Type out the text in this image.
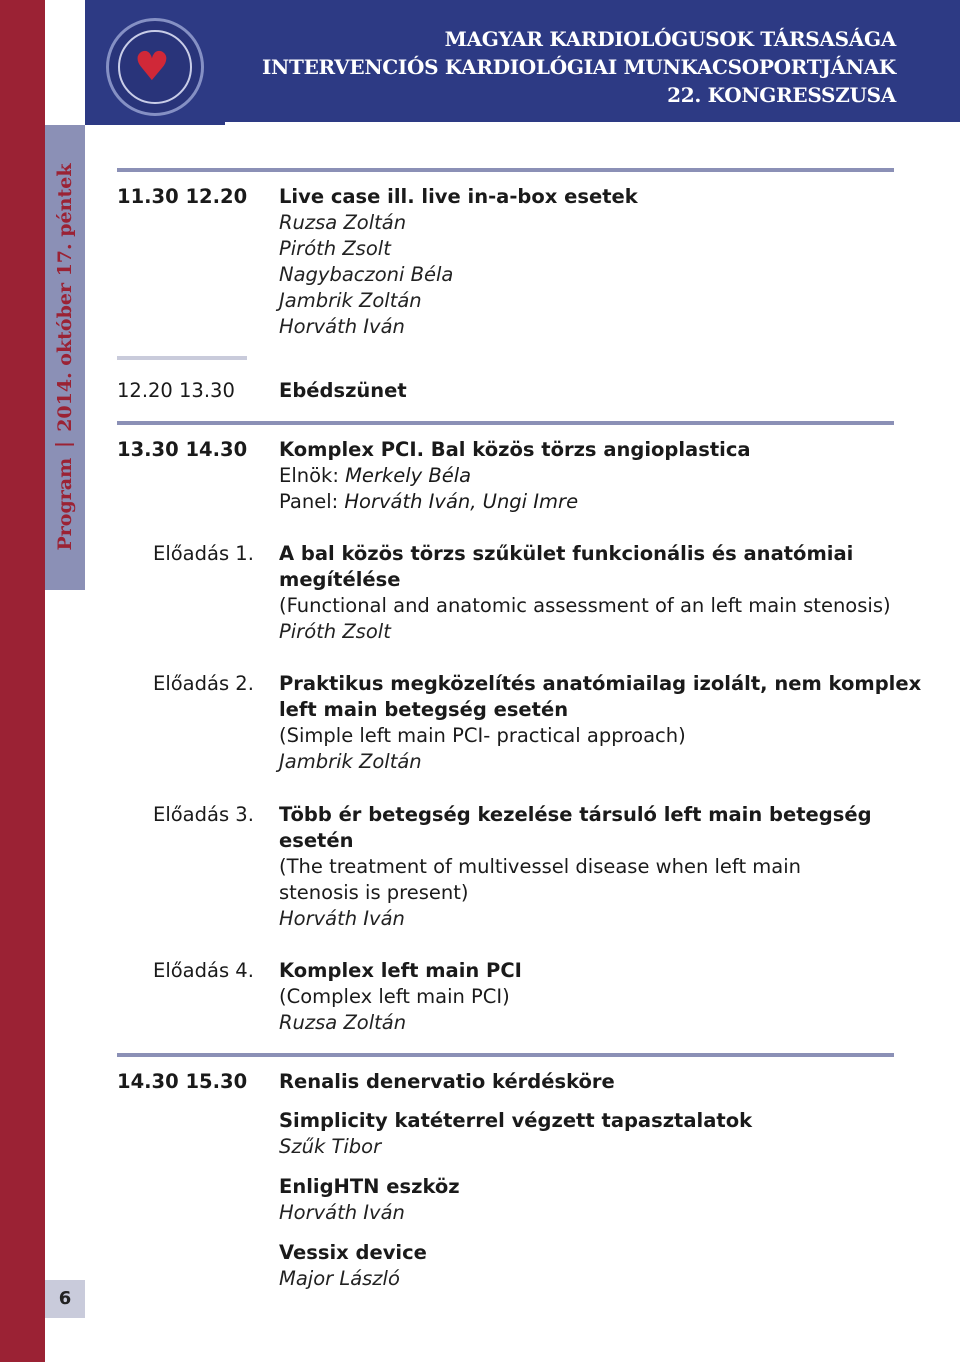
Program2014. október 17. péntek
6
♥
MAGYAR KARDIOLÓGUSOK TÁRSASÁGA
INTERVENCIÓS KARDIOLÓGIAI MUNKACSOPORTJÁNAK
22. KONGRESSZUSA
11.30 12.20 Live case ill. live in-a-box esetek
Ruzsa Zoltán
Piróth Zsolt
Nagybaczoni Béla
Jambrik Zoltán
Horváth Iván
12.20 13.30 Ebédszünet
13.30 14.30 Komplex PCI. Bal közös törzs angioplastica
Elnök: Merkely Béla
Panel: Horváth Iván, Ungi Imre
Előadás 1. A bal közös törzs szűkület funkcionális és anatómiai
megítélése
(Functional and anatomic assessment of an left main stenosis)
Piróth Zsolt
Előadás 2. Praktikus megközelítés anatómiailag izolált, nem komplex
left main betegség esetén
(Simple left main PCI- practical approach)
Jambrik Zoltán
Előadás 3. Több ér betegség kezelése társuló left main betegség
esetén
(The treatment of multivessel disease when left main
stenosis is present)
Horváth Iván
Előadás 4. Komplex left main PCI
(Complex left main PCI)
Ruzsa Zoltán
14.30 15.30 Renalis denervatio kérdésköre
Simplicity katéterrel végzett tapasztalatok
Szűk Tibor
EnligHTN eszköz
Horváth Iván
Vessix device
Major László
